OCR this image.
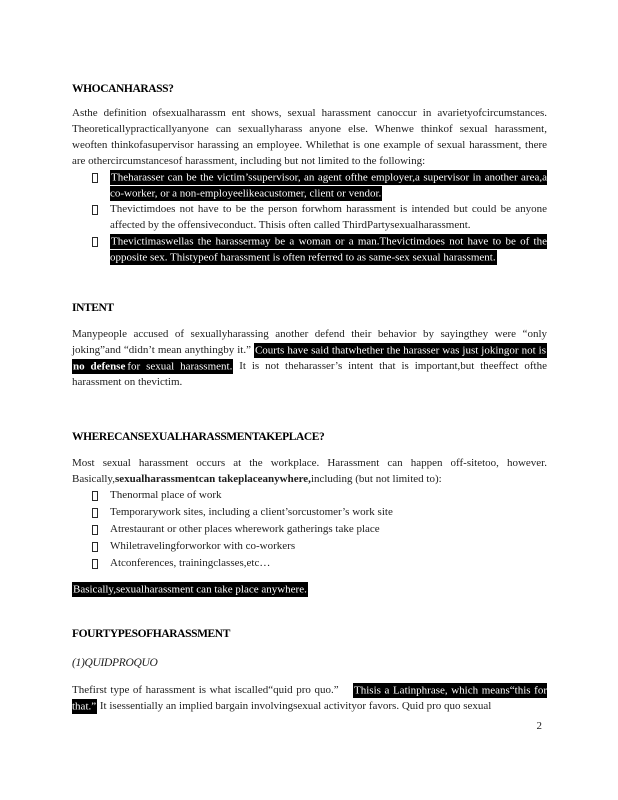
WHOCANHARASS?

Asthe definition ofsexualharassm ent shows, sexual harassment canoccur in avarietyofcircumstances. Theoreticallypracticallyanyone can sexuallyharass anyone else. Whenwe thinkof sexual harassment, weoften thinkofasupervisor harassing an employee. Whilethat is one example of sexual harassment, there are othercircumstancesof harassment, including but not limited to the following:

Theharasser can be the victim’ssupervisor, an agent ofthe employer,a supervisor in another area,a co-worker, or a non-employeelikeacustomer, client or vendor.
Thevictimdoes not have to be the person forwhom harassment is intended but could be anyone affected by the offensiveconduct. Thisis often called ThirdPartysexualharassment.
Thevictimaswellas the harassermay be a woman or a man.Thevictimdoes not have to be of the opposite sex. Thistypeof harassment is often referred to as same-sex sexual harassment.
INTENT

Manypeople accused of sexuallyharassing another defend their behavior by sayingthey were “only joking”and “didn’t mean anythingby it.” Courts have said thatwhether the harasser was just jokingor not is no defense for sexual harassment. It is not theharasser’s intent that is important,but theeffect ofthe harassment on thevictim.

WHERECANSEXUALHARASSMENTAKEPLACE?

Most sexual harassment occurs at the workplace. Harassment can happen off-sitetoo, however. Basically,sexualharassmentcan takeplaceanywhere,including (but not limited to):

Thenormal place of work
Temporarywork sites, including a client’sorcustomer’s work site
Atrestaurant or other places wherework gatherings take place
Whiletravelingforworkor with co-workers
Atconferences, trainingclasses,etc…

Basically,sexualharassment can take place anywhere.

FOURTYPESOFHARASSMENT

(1)QUIDPROQUO

Thefirst type of harassment is what iscalled“quid pro quo.”    Thisis a Latinphrase, which means“this for that.” It isessentially an implied bargain involvingsexual activityor favors. Quid pro quo sexual

2
